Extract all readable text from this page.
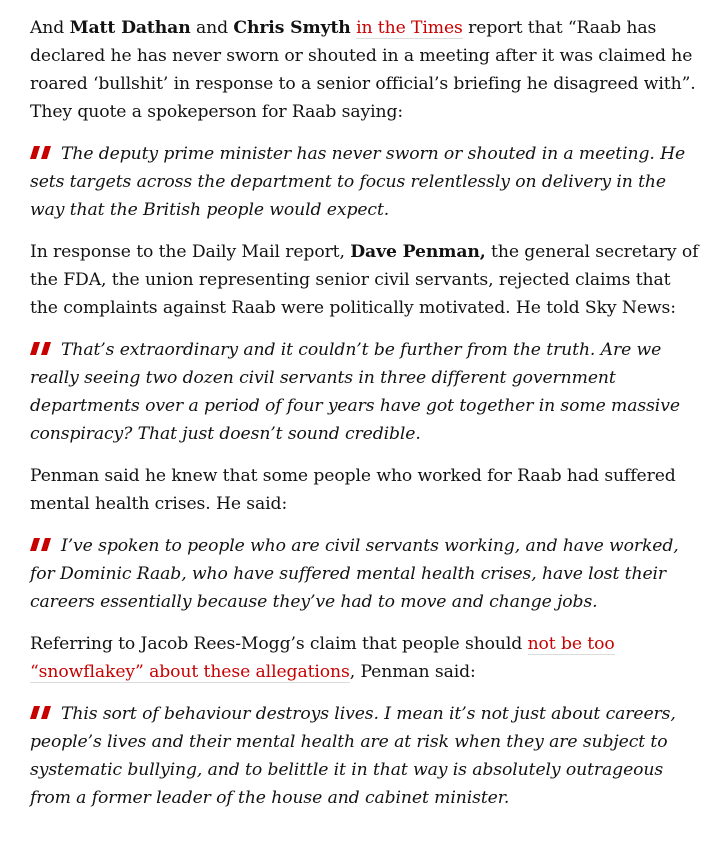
And Matt Dathan and Chris Smyth in the Times report that “Raab has declared he has never sworn or shouted in a meeting after it was claimed he roared ‘bullshit’ in response to a senior official’s briefing he disagreed with”. They quote a spokeperson for Raab saying:

The deputy prime minister has never sworn or shouted in a meeting. He sets targets across the department to focus relentlessly on delivery in the way that the British people would expect.

In response to the Daily Mail report, Dave Penman, the general secretary of the FDA, the union representing senior civil servants, rejected claims that the complaints against Raab were politically motivated. He told Sky News:

That’s extraordinary and it couldn’t be further from the truth. Are we really seeing two dozen civil servants in three different government departments over a period of four years have got together in some massive conspiracy? That just doesn’t sound credible.

Penman said he knew that some people who worked for Raab had suffered mental health crises. He said:

I’ve spoken to people who are civil servants working, and have worked, for Dominic Raab, who have suffered mental health crises, have lost their careers essentially because they’ve had to move and change jobs.

Referring to Jacob Rees-Mogg’s claim that people should not be too “snowflakey” about these allegations, Penman said:

This sort of behaviour destroys lives. I mean it’s not just about careers, people’s lives and their mental health are at risk when they are subject to systematic bullying, and to belittle it in that way is absolutely outrageous from a former leader of the house and cabinet minister.
